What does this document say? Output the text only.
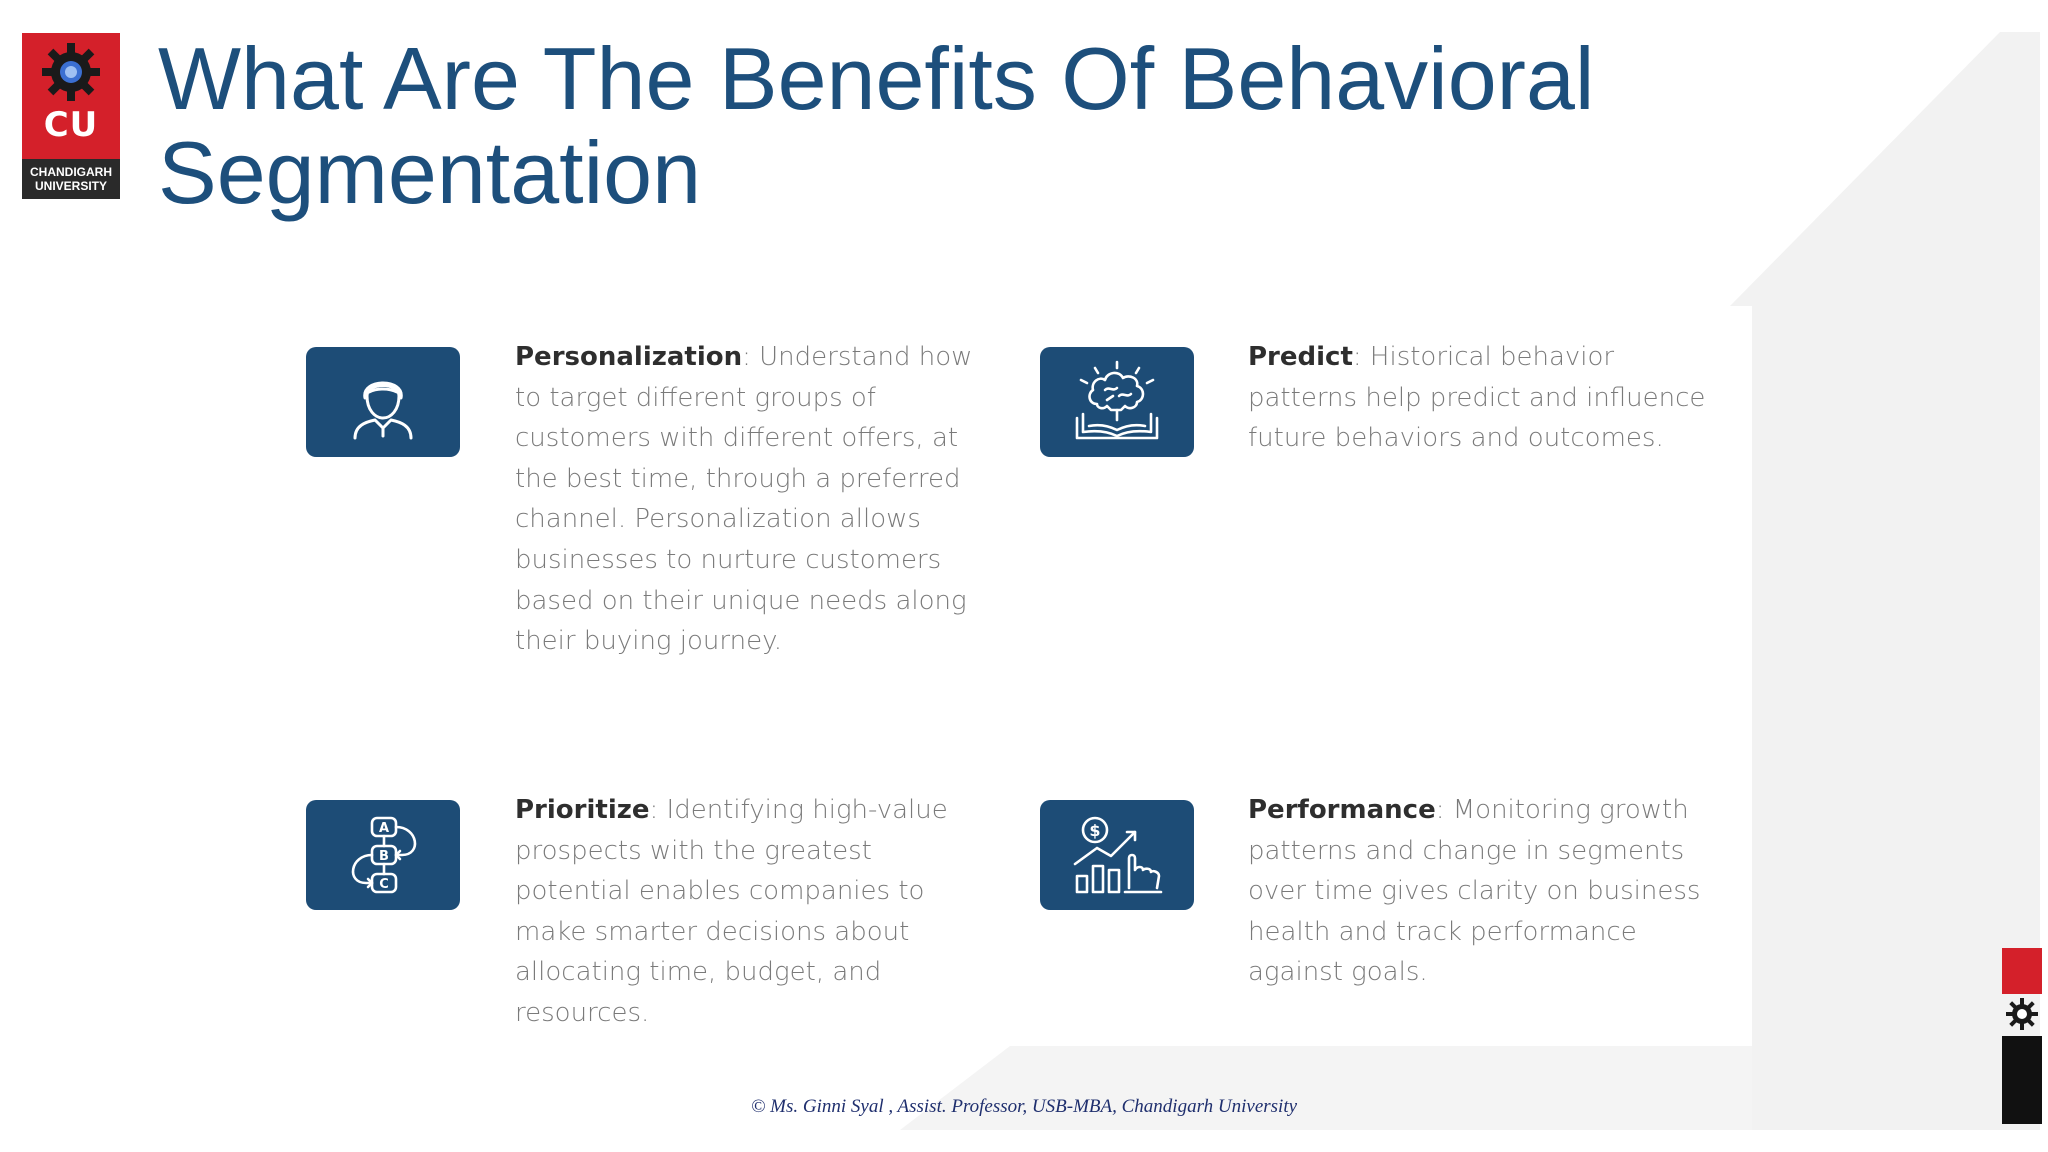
CU
CHANDIGARH UNIVERSITY
What Are The Benefits Of Behavioral Segmentation
Personalization: Understand how to target different groups of customers with different offers, at the best time, through a preferred channel. Personalization allows businesses to nurture customers based on their unique needs along their buying journey.
Predict: Historical behavior patterns help predict and influence future behaviors and outcomes.
A
B
C
Prioritize: Identifying high-value prospects with the greatest potential enables companies to make smarter decisions about allocating time, budget, and resources.
$
Performance: Monitoring growth patterns and change in segments over time gives clarity on business health and track performance against goals.
© Ms. Ginni Syal , Assist. Professor, USB-MBA, Chandigarh University
